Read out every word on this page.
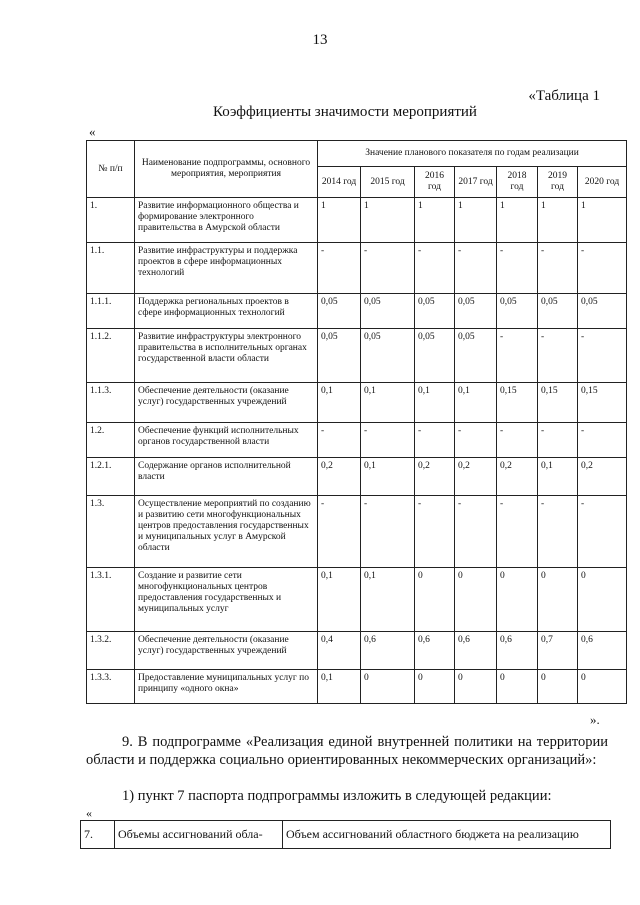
13
«Таблица 1
Коэффициенты значимости мероприятий
«
№ п/п	Наименование подпрограммы, основного мероприятия, мероприятия	Значение планового показателя по годам реализации						
		2014 год	2015 год	2016 год	2017 год	2018 год	2019 год	2020 год
1.	Развитие информационного общества и формирование электронного правительства в Амурской области	1	1	1	1	1	1	1
1.1.	Развитие инфраструктуры и поддержка проектов в сфере информационных технологий	-	-	-	-	-	-	-
1.1.1.	Поддержка региональных проектов в сфере информационных технологий	0,05	0,05	0,05	0,05	0,05	0,05	0,05
1.1.2.	Развитие инфраструктуры электронного правительства в исполнительных органах государственной власти области	0,05	0,05	0,05	0,05	-	-	-
1.1.3.	Обеспечение деятельности (оказание услуг) государственных учреждений	0,1	0,1	0,1	0,1	0,15	0,15	0,15
1.2.	Обеспечение функций исполнительных органов государственной власти	-	-	-	-	-	-	-
1.2.1.	Содержание органов исполнительной власти	0,2	0,1	0,2	0,2	0,2	0,1	0,2
1.3.	Осуществление мероприятий по созданию и развитию сети многофункциональных центров предоставления государственных и муниципальных услуг в Амурской области	-	-	-	-	-	-	-
1.3.1.	Создание и развитие сети многофункциональных центров предоставления государственных и муниципальных услуг	0,1	0,1	0	0	0	0	0
1.3.2.	Обеспечение деятельности (оказание услуг) государственных учреждений	0,4	0,6	0,6	0,6	0,6	0,7	0,6
1.3.3.	Предоставление муниципальных услуг по принципу «одного окна»	0,1	0	0	0	0	0	0
».
9. В подпрограмме «Реализация единой внутренней политики на территории области и поддержка социально ориентированных некоммерческих организаций»:
1) пункт 7 паспорта подпрограммы изложить в следующей редакции:
«
7.	Объемы ассигнований обла-	Объем ассигнований областного бюджета на реализацию
